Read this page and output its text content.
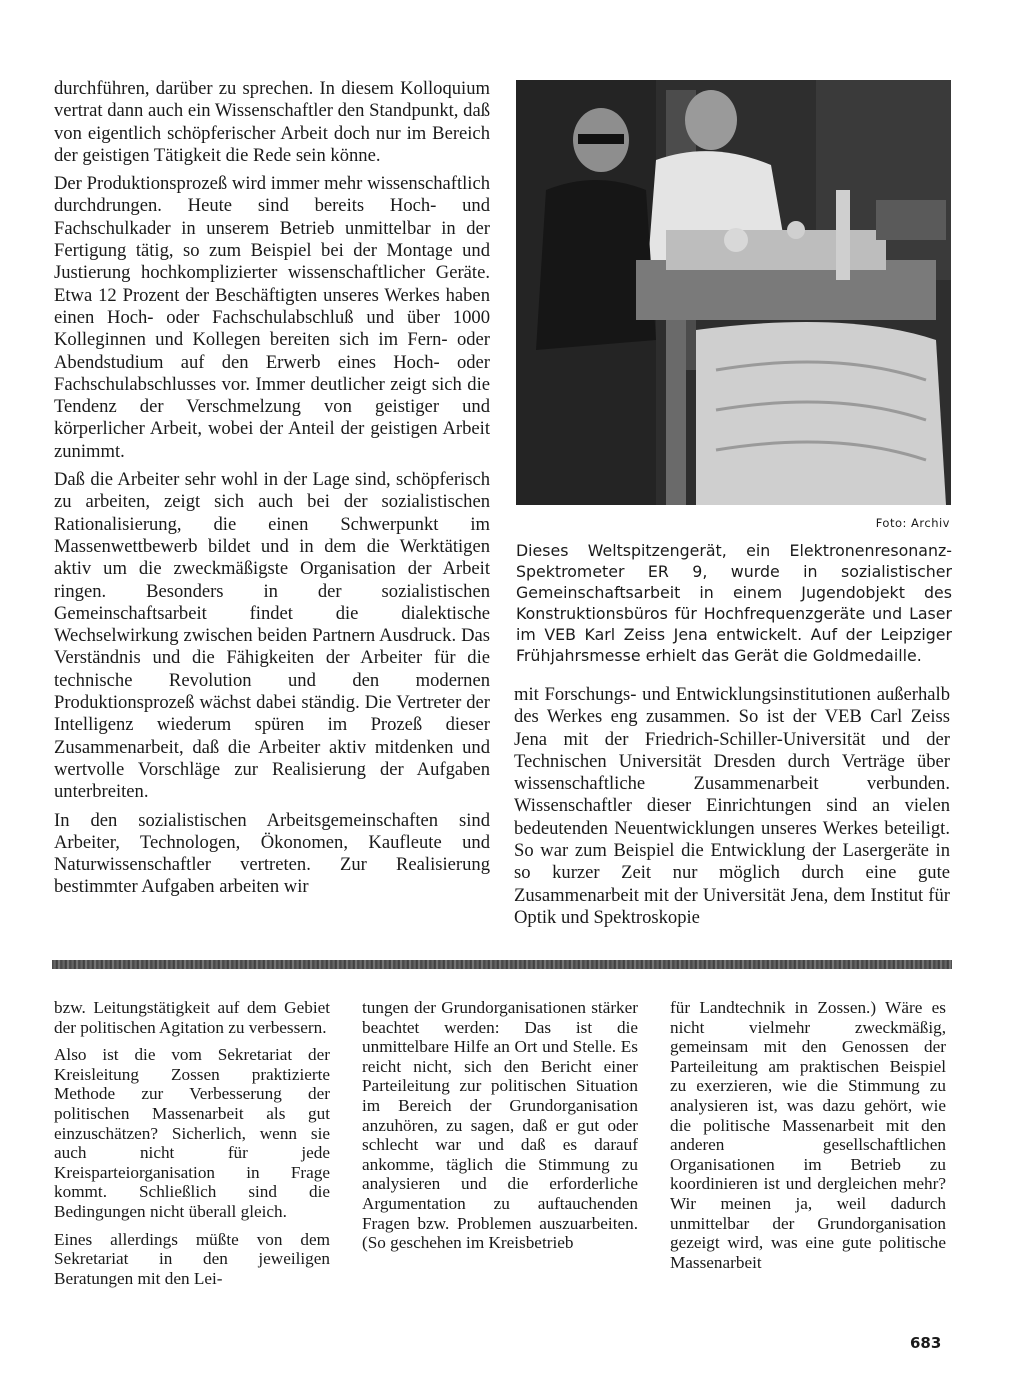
durchführen, darüber zu sprechen. In diesem Kolloquium vertrat dann auch ein Wissenschaftler den Standpunkt, daß von eigentlich schöpferischer Arbeit doch nur im Bereich der geistigen Tätigkeit die Rede sein könne.

Der Produktionsprozeß wird immer mehr wissenschaftlich durchdrungen. Heute sind bereits Hoch- und Fachschulkader in unserem Betrieb unmittelbar in der Fertigung tätig, so zum Beispiel bei der Montage und Justierung hochkomplizierter wissenschaftlicher Geräte. Etwa 12 Prozent der Beschäftigten unseres Werkes haben einen Hoch- oder Fachschulabschluß und über 1000 Kolleginnen und Kollegen bereiten sich im Fern- oder Abendstudium auf den Erwerb eines Hoch- oder Fachschulabschlusses vor. Immer deutlicher zeigt sich die Tendenz der Verschmelzung von geistiger und körperlicher Arbeit, wobei der Anteil der geistigen Arbeit zunimmt.

Daß die Arbeiter sehr wohl in der Lage sind, schöpferisch zu arbeiten, zeigt sich auch bei der sozialistischen Rationalisierung, die einen Schwerpunkt im Massenwettbewerb bildet und in dem die Werktätigen aktiv um die zweckmäßigste Organisation der Arbeit ringen. Besonders in der sozialistischen Gemeinschaftsarbeit findet die dialektische Wechselwirkung zwischen beiden Partnern Ausdruck. Das Verständnis und die Fähigkeiten der Arbeiter für die technische Revolution und den modernen Produktionsprozeß wächst dabei ständig. Die Vertreter der Intelligenz wiederum spüren im Prozeß dieser Zusammenarbeit, daß die Arbeiter aktiv mitdenken und wertvolle Vorschläge zur Realisierung der Aufgaben unterbreiten.

In den sozialistischen Arbeitsgemeinschaften sind Arbeiter, Technologen, Ökonomen, Kaufleute und Naturwissenschaftler vertreten. Zur Realisierung bestimmter Aufgaben arbeiten wir

Foto: Archiv
Dieses Weltspitzengerät, ein Elektronenresonanz-Spektrometer ER 9, wurde in sozialistischer Gemeinschaftsarbeit in einem Jugendobjekt des Konstruktionsbüros für Hochfrequenzgeräte und Laser im VEB Karl Zeiss Jena entwickelt. Auf der Leipziger Frühjahrsmesse erhielt das Gerät die Goldmedaille.

mit Forschungs- und Entwicklungsinstitutionen außerhalb des Werkes eng zusammen. So ist der VEB Carl Zeiss Jena mit der Friedrich-Schiller-Universität und der Technischen Universität Dresden durch Verträge über wissenschaftliche Zusammenarbeit verbunden. Wissenschaftler dieser Einrichtungen sind an vielen bedeutenden Neuentwicklungen unseres Werkes beteiligt. So war zum Beispiel die Entwicklung der Lasergeräte in so kurzer Zeit nur möglich durch eine gute Zusammenarbeit mit der Universität Jena, dem Institut für Optik und Spektroskopie

bzw. Leitungstätigkeit auf dem Gebiet der politischen Agitation zu verbessern.

Also ist die vom Sekretariat der Kreisleitung Zossen praktizierte Methode zur Verbesserung der politischen Massenarbeit als gut einzuschätzen? Sicherlich, wenn sie auch nicht für jede Kreisparteiorganisation in Frage kommt. Schließlich sind die Bedingungen nicht überall gleich.

Eines allerdings müßte von dem Sekretariat in den jeweiligen Beratungen mit den Lei-

tungen der Grundorganisationen stärker beachtet werden: Das ist die unmittelbare Hilfe an Ort und Stelle. Es reicht nicht, sich den Bericht einer Parteileitung zur politischen Situation im Bereich der Grundorganisation anzuhören, zu sagen, daß er gut oder schlecht war und daß es darauf ankomme, täglich die Stimmung zu analysieren und die erforderliche Argumentation zu auftauchenden Fragen bzw. Problemen auszuarbeiten. (So geschehen im Kreisbetrieb

für Landtechnik in Zossen.) Wäre es nicht vielmehr zweckmäßig, gemeinsam mit den Genossen der Parteileitung am praktischen Beispiel zu exerzieren, wie die Stimmung zu analysieren ist, was dazu gehört, wie die politische Massenarbeit mit den anderen gesellschaftlichen Organisationen im Betrieb zu koordinieren ist und dergleichen mehr? Wir meinen ja, weil dadurch unmittelbar der Grundorganisation gezeigt wird, was eine gute politische Massenarbeit

683
